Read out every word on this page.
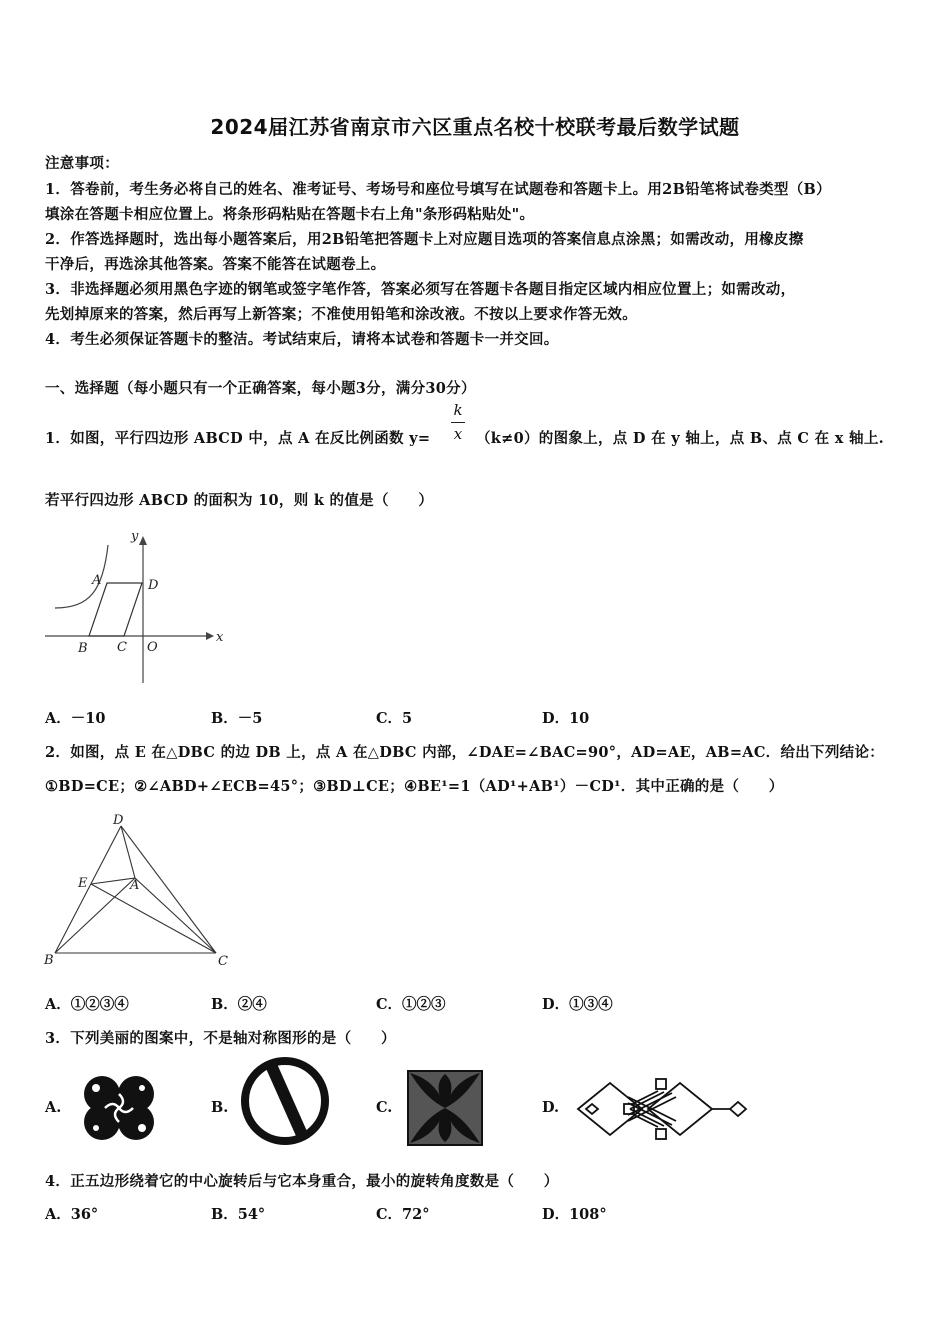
2024届江苏省南京市六区重点名校十校联考最后数学试题
注意事项：
1．答卷前，考生务必将自己的姓名、准考证号、考场号和座位号填写在试题卷和答题卡上。用2B铅笔将试卷类型（B）
填涂在答题卡相应位置上。将条形码粘贴在答题卡右上角"条形码粘贴处"。
2．作答选择题时，选出每小题答案后，用2B铅笔把答题卡上对应题目选项的答案信息点涂黑；如需改动，用橡皮擦
干净后，再选涂其他答案。答案不能答在试题卷上。
3．非选择题必须用黑色字迹的钢笔或签字笔作答，答案必须写在答题卡各题目指定区域内相应位置上；如需改动，
先划掉原来的答案，然后再写上新答案；不准使用铅笔和涂改液。不按以上要求作答无效。
4．考生必须保证答题卡的整洁。考试结束后，请将本试卷和答题卡一并交回。
一、选择题（每小题只有一个正确答案，每小题3分，满分30分）
1．如图，平行四边形 ABCD 中，点 A 在反比例函数 y=
k
x （k≠0）的图象上，点 D 在 y 轴上，点 B、点 C 在 x 轴上.
若平行四边形 ABCD 的面积为 10，则 k 的值是（　　）
y
A	D
B C O
x
A．－10	B．－5	C．5	D．10
2．如图，点 E 在△DBC 的边 DB 上，点 A 在△DBC 内部，∠DAE=∠BAC=90°，AD=AE，AB=AC．给出下列结论：
①BD=CE；②∠ABD+∠ECB=45°；③BD⊥CE；④BE¹=1（AD¹+AB¹）－CD¹．其中正确的是（　　）
D
E	A
B	C
A．①②③④	B．②④	C．①②③	D．①③④
3．下列美丽的图案中，不是轴对称图形的是（　　）
A.	B.	C.	D.
4．正五边形绕着它的中心旋转后与它本身重合，最小的旋转角度数是（　　）
A．36°	B．54°	C．72°	D．108°
